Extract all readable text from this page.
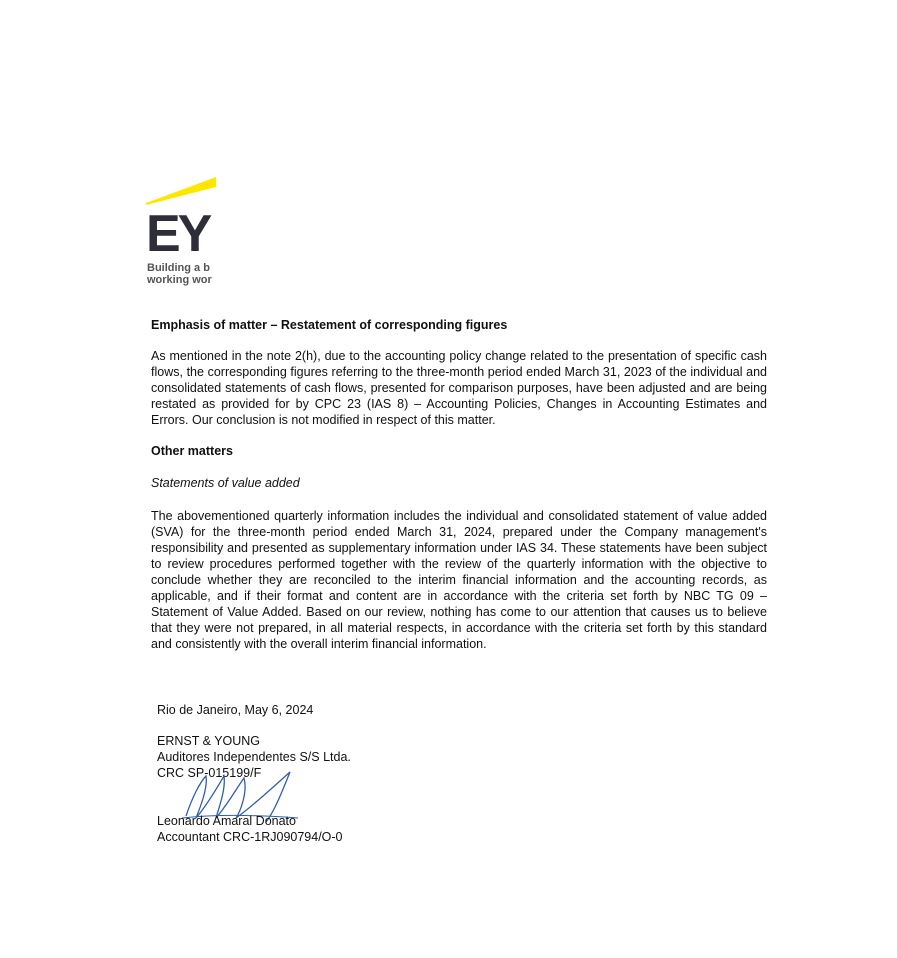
EY
Building a b
working wor
Emphasis of matter – Restatement of corresponding figures
As mentioned in the note 2(h), due to the accounting policy change related to the presentation of specific cash flows, the corresponding figures referring to the three-month period ended March 31, 2023 of the individual and consolidated statements of cash flows, presented for comparison purposes, have been adjusted and are being restated as provided for by CPC 23 (IAS 8) – Accounting Policies, Changes in Accounting Estimates and Errors. Our conclusion is not modified in respect of this matter.
Other matters
Statements of value added
The abovementioned quarterly information includes the individual and consolidated statement of value added (SVA) for the three-month period ended March 31, 2024, prepared under the Company management's responsibility and presented as supplementary information under IAS 34. These statements have been subject to review procedures performed together with the review of the quarterly information with the objective to conclude whether they are reconciled to the interim financial information and the accounting records, as applicable, and if their format and content are in accordance with the criteria set forth by NBC TG 09 – Statement of Value Added. Based on our review, nothing has come to our attention that causes us to believe that they were not prepared, in all material respects, in accordance with the criteria set forth by this standard and consistently with the overall interim financial information.
Rio de Janeiro, May 6, 2024
ERNST & YOUNG
Auditores Independentes S/S Ltda.
CRC SP-015199/F
Leonardo Amaral Donato
Accountant CRC-1RJ090794/O-0
